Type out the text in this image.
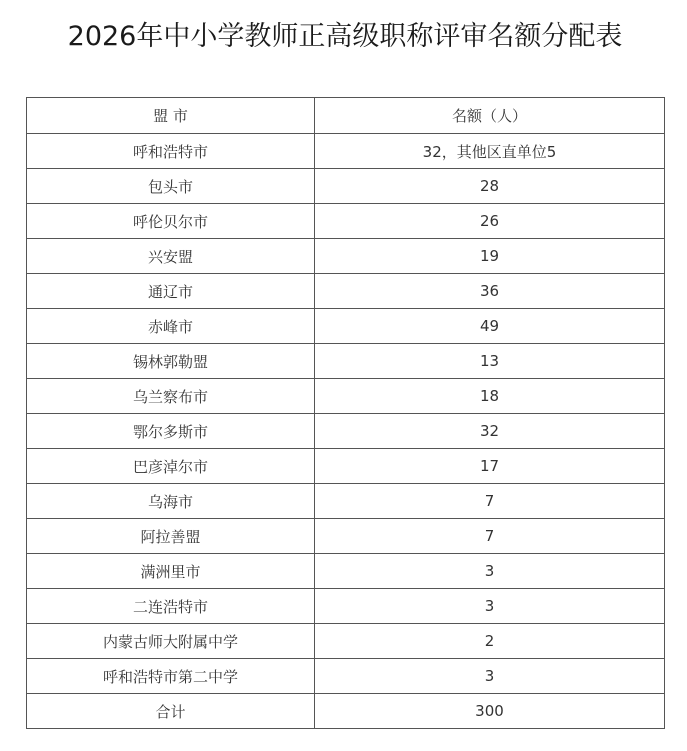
2026年中小学教师正高级职称评审名额分配表
盟 市	名额（人）
呼和浩特市	32，其他区直单位5
包头市	28
呼伦贝尔市	26
兴安盟	19
通辽市	36
赤峰市	49
锡林郭勒盟	13
乌兰察布市	18
鄂尔多斯市	32
巴彦淖尔市	17
乌海市	7
阿拉善盟	7
满洲里市	3
二连浩特市	3
内蒙古师大附属中学	2
呼和浩特市第二中学	3
合计	300
